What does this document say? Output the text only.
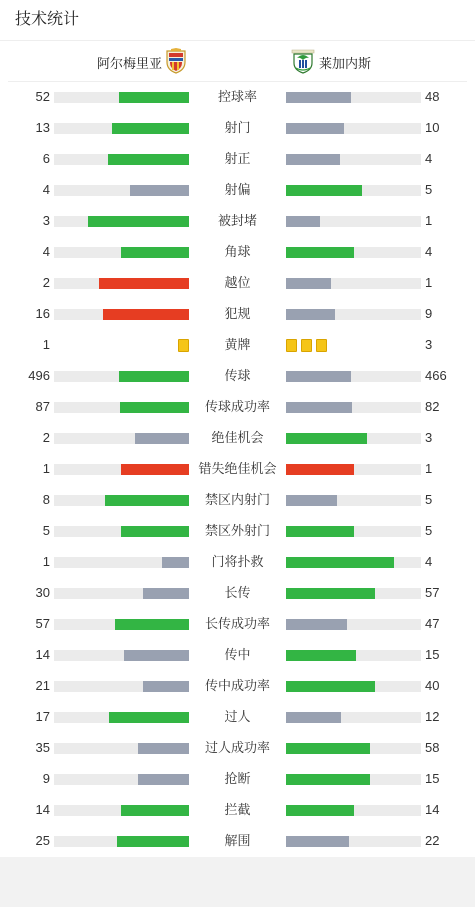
技术统计
阿尔梅里亚	莱加内斯
52	控球率	48
13	射门	10
6	射正	4
4	射偏	5
3	被封堵	1
4	角球	4
2	越位	1
16	犯规	9
1	黄牌	3
496	传球	466
87	传球成功率	82
2	绝佳机会	3
1	错失绝佳机会	1
8	禁区内射门	5
5	禁区外射门	5
1	门将扑救	4
30	长传	57
57	长传成功率	47
14	传中	15
21	传中成功率	40
17	过人	12
35	过人成功率	58
9	抢断	15
14	拦截	14
25	解围	22
